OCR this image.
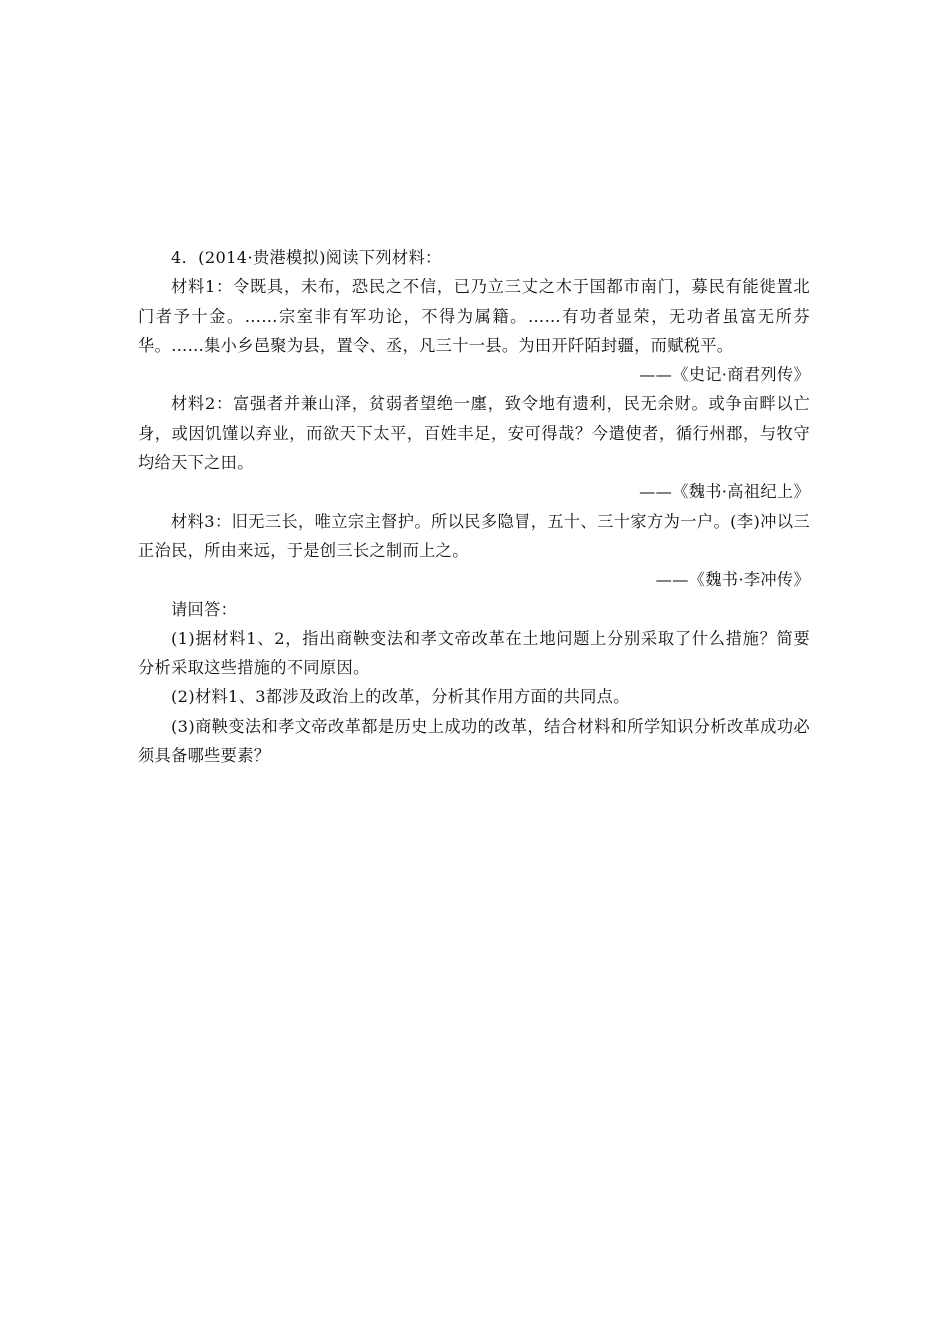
4．(2014·贵港模拟)阅读下列材料：

材料1：令既具，未布，恐民之不信，已乃立三丈之木于国都市南门，募民有能徙置北门者予十金。……宗室非有军功论，不得为属籍。……有功者显荣，无功者虽富无所芬华。……集小乡邑聚为县，置令、丞，凡三十一县。为田开阡陌封疆，而赋税平。

——《史记·商君列传》

材料2：富强者并兼山泽，贫弱者望绝一廛，致令地有遗利，民无余财。或争亩畔以亡身，或因饥馑以弃业，而欲天下太平，百姓丰足，安可得哉？今遣使者，循行州郡，与牧守均给天下之田。

——《魏书·高祖纪上》

材料3：旧无三长，唯立宗主督护。所以民多隐冒，五十、三十家方为一户。(李)冲以三正治民，所由来远，于是创三长之制而上之。

——《魏书·李冲传》

请回答：

(1)据材料1、2，指出商鞅变法和孝文帝改革在土地问题上分别采取了什么措施？简要分析采取这些措施的不同原因。

(2)材料1、3都涉及政治上的改革，分析其作用方面的共同点。

(3)商鞅变法和孝文帝改革都是历史上成功的改革，结合材料和所学知识分析改革成功必须具备哪些要素？
